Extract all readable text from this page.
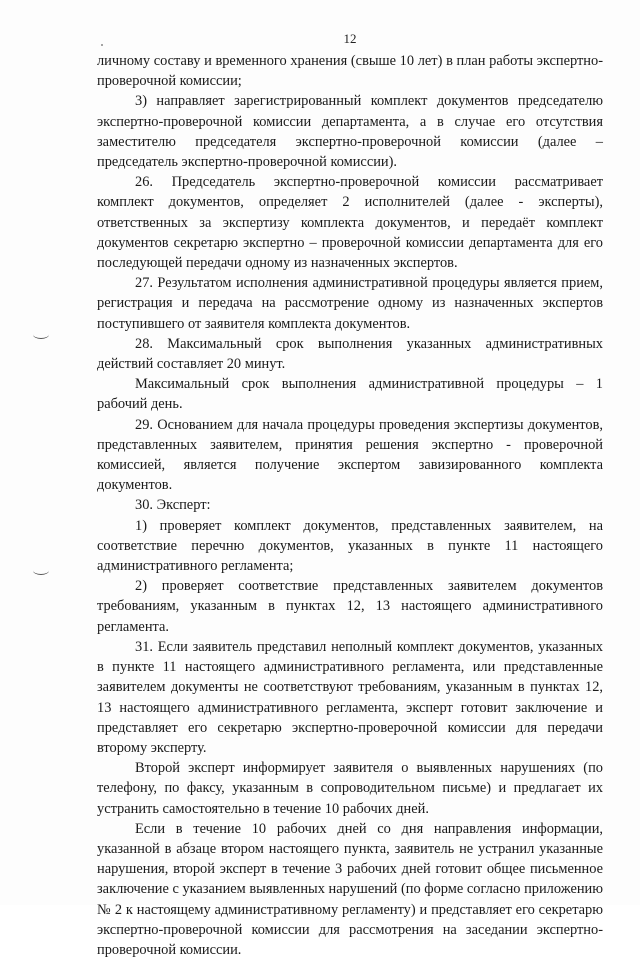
12

личному составу и временного хранения (свыше 10 лет) в план работы экспертно-проверочной комиссии;

3) направляет зарегистрированный комплект документов председателю экспертно-проверочной комиссии департамента, а в случае его отсутствия заместителю председателя экспертно-проверочной комиссии (далее – председатель экспертно-проверочной комиссии).

26. Председатель экспертно-проверочной комиссии рассматривает комплект документов, определяет 2 исполнителей (далее - эксперты), ответственных за экспертизу комплекта документов, и передаёт комплект документов секретарю экспертно – проверочной комиссии департамента для его последующей передачи одному из назначенных экспертов.

27. Результатом исполнения административной процедуры является прием, регистрация и передача на рассмотрение одному из назначенных экспертов поступившего от заявителя комплекта документов.

28. Максимальный срок выполнения указанных административных действий составляет 20 минут.

Максимальный срок выполнения административной процедуры – 1 рабочий день.

29. Основанием для начала процедуры проведения экспертизы документов, представленных заявителем, принятия решения экспертно - проверочной комиссией, является получение экспертом завизированного комплекта документов.

30. Эксперт:

1) проверяет комплект документов, представленных заявителем, на соответствие перечню документов, указанных в пункте 11 настоящего административного регламента;

2) проверяет соответствие представленных заявителем документов требованиям, указанным в пунктах 12, 13 настоящего административного регламента.

31. Если заявитель представил неполный комплект документов, указанных в пункте 11 настоящего административного регламента, или представленные заявителем документы не соответствуют требованиям, указанным в пунктах 12, 13 настоящего административного регламента, эксперт готовит заключение и представляет его секретарю экспертно-проверочной комиссии для передачи второму эксперту.

Второй эксперт информирует заявителя о выявленных нарушениях (по телефону, по факсу, указанным в сопроводительном письме) и предлагает их устранить самостоятельно в течение 10 рабочих дней.

Если в течение 10 рабочих дней со дня направления информации, указанной в абзаце втором настоящего пункта, заявитель не устранил указанные нарушения, второй эксперт в течение 3 рабочих дней готовит общее письменное заключение с указанием выявленных нарушений (по форме согласно приложению № 2 к настоящему административному регламенту) и представляет его секретарю экспертно-проверочной комиссии для рассмотрения на заседании экспертно-проверочной комиссии.
